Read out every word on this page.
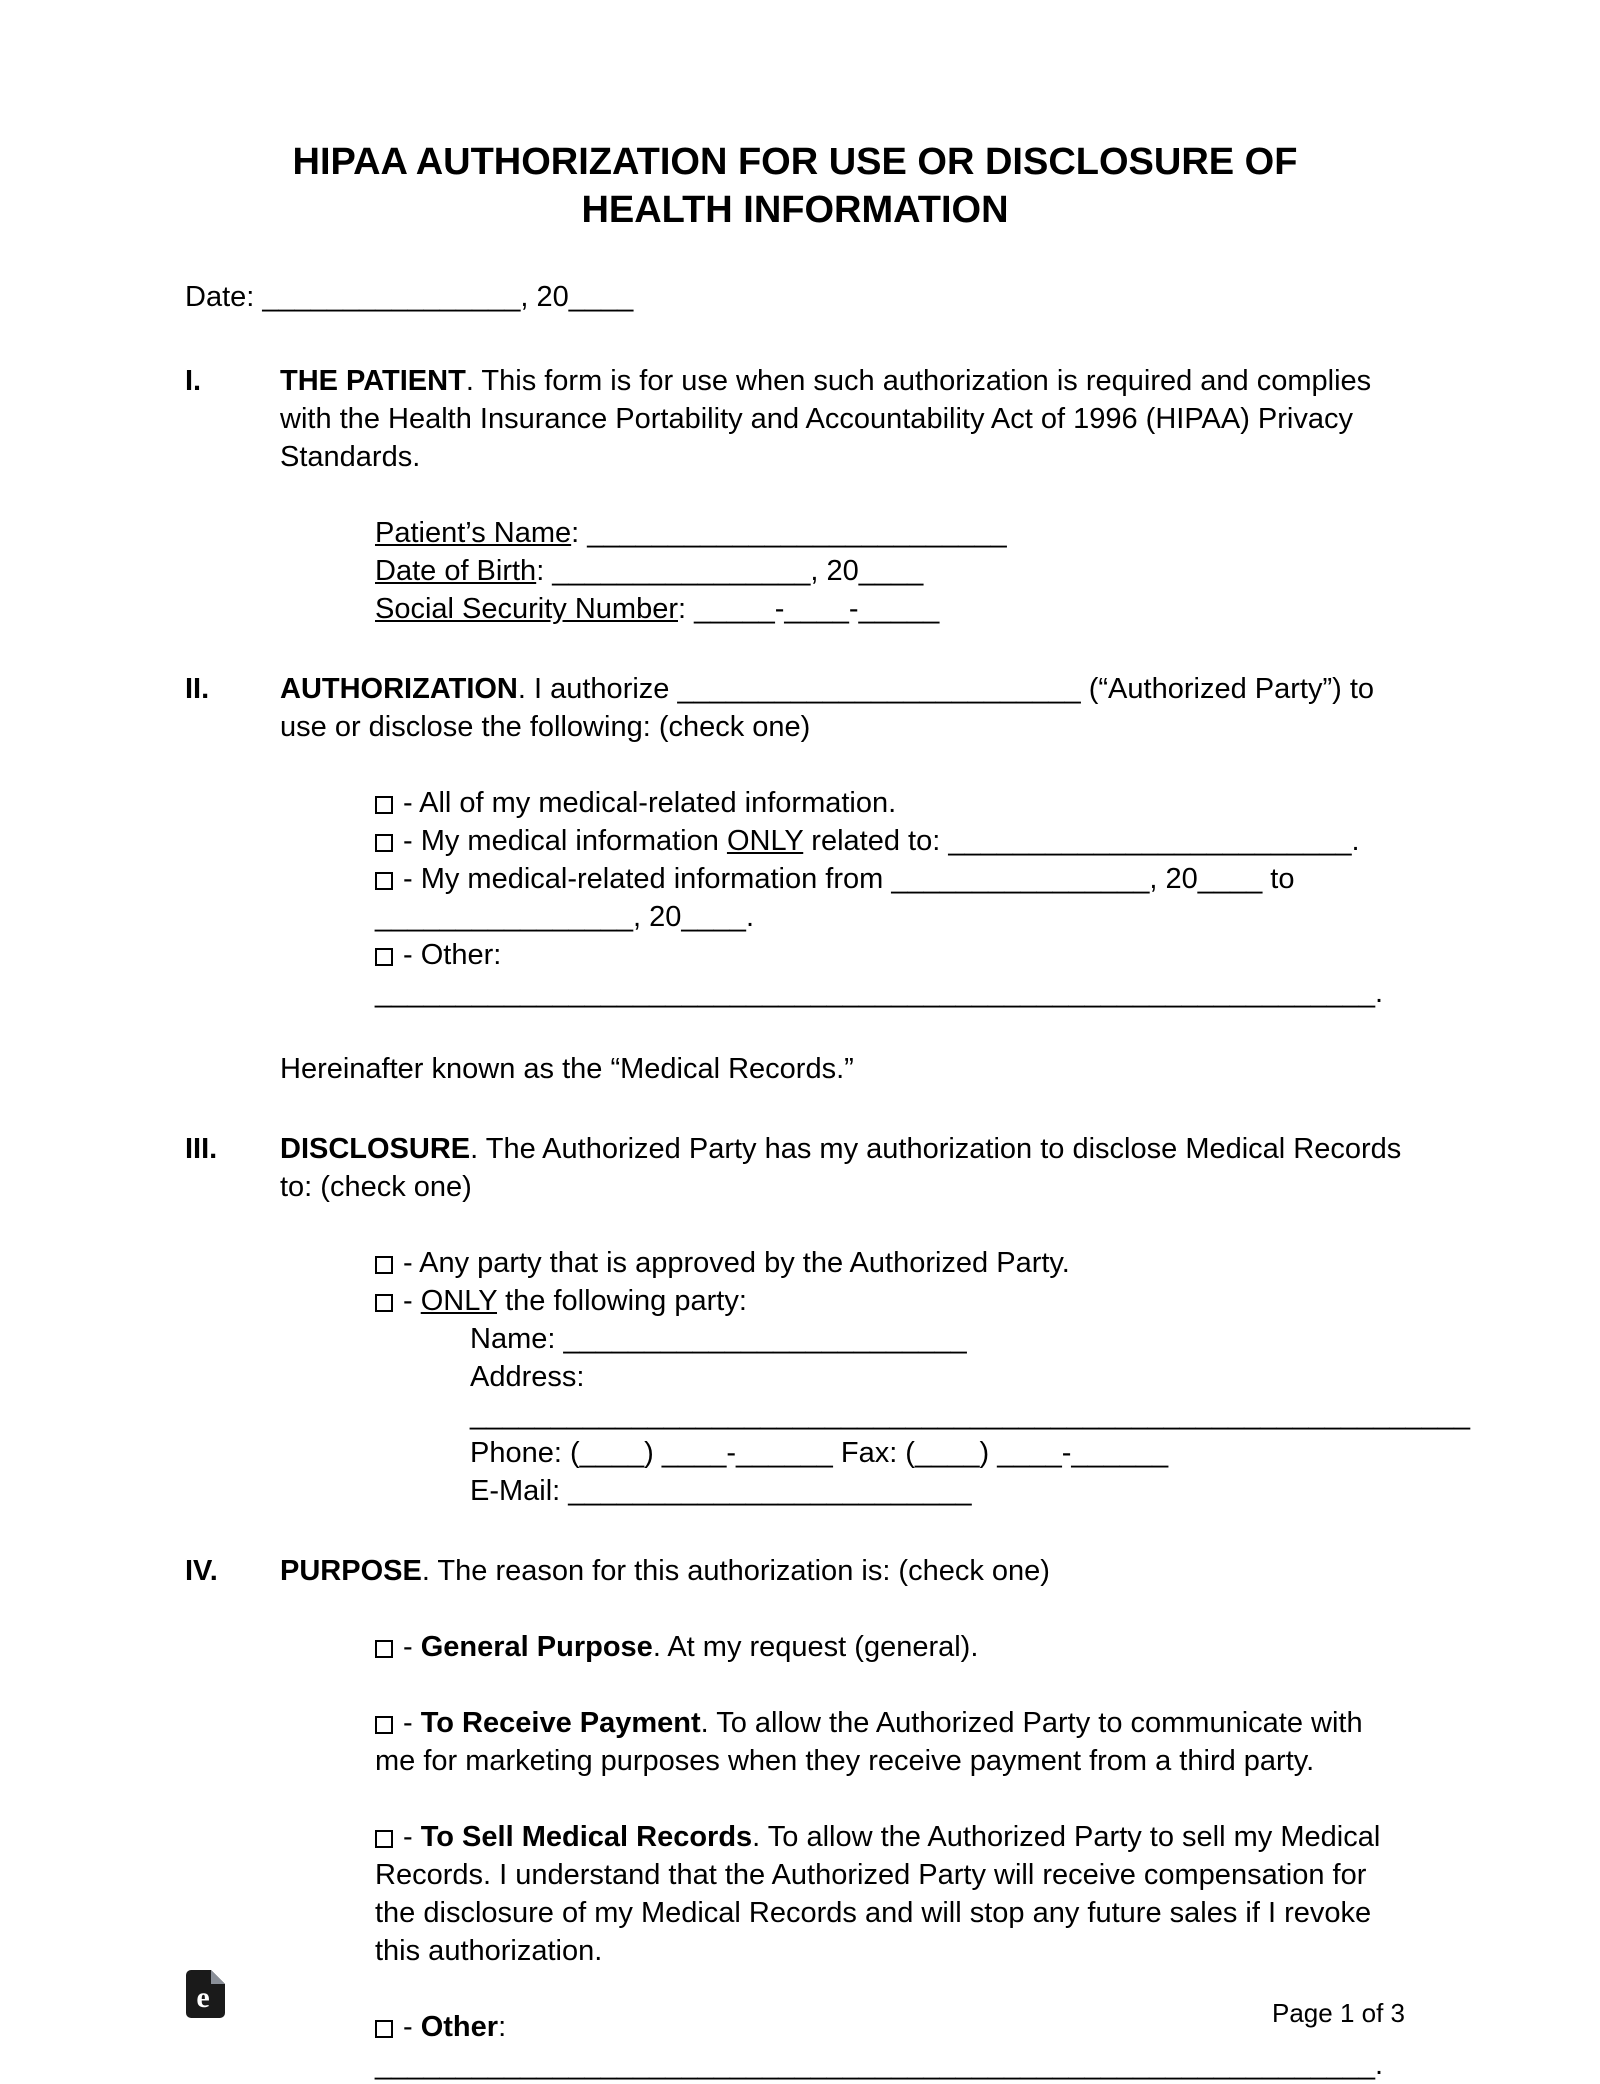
HIPAA AUTHORIZATION FOR USE OR DISCLOSURE OF
HEALTH INFORMATION

Date: ________________, 20____

I.	THE PATIENT. This form is for use when such authorization is required and complies with the Health Insurance Portability and Accountability Act of 1996 (HIPAA) Privacy Standards.

Patient’s Name: __________________________

Date of Birth: ________________, 20____

Social Security Number: _____-____-_____

II.	AUTHORIZATION. I authorize _________________________ (“Authorized Party”) to use or disclose the following: (check one)

- All of my medical-related information.

- My medical information ONLY related to: _________________________.

- My medical-related information from ________________, 20____ to ________________, 20____.

- Other: ______________________________________________________________.

Hereinafter known as the “Medical Records.”

III.	DISCLOSURE. The Authorized Party has my authorization to disclose Medical Records to: (check one)

- Any party that is approved by the Authorized Party.

- ONLY the following party:

Name: _________________________

Address: ______________________________________________________________

Phone: (____) ____-______ Fax: (____) ____-______

E-Mail: _________________________

IV.	PURPOSE. The reason for this authorization is: (check one)

- General Purpose. At my request (general).

- To Receive Payment. To allow the Authorized Party to communicate with me for marketing purposes when they receive payment from a third party.

- To Sell Medical Records. To allow the Authorized Party to sell my Medical Records. I understand that the Authorized Party will receive compensation for the disclosure of my Medical Records and will stop any future sales if I revoke this authorization.

- Other: ______________________________________________________________.

e	Page 1 of 3
